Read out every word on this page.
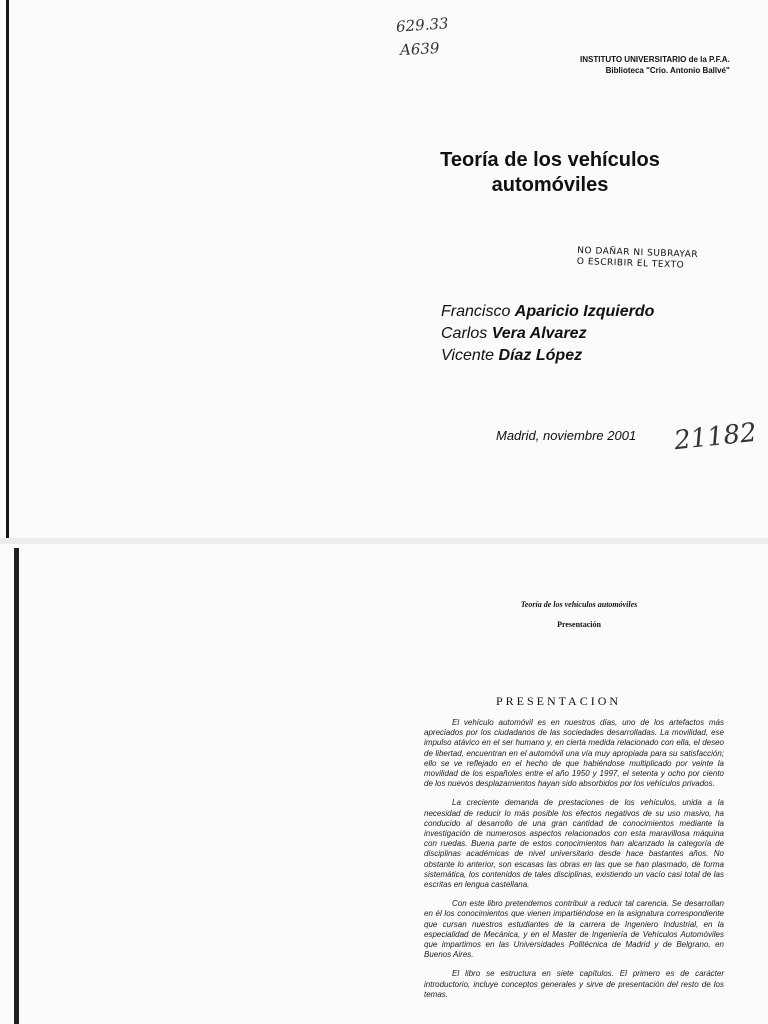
629.33
A639
INSTITUTO UNIVERSITARIO de la P.F.A.
Biblioteca "Crio. Antonio Ballvé"
Teoría de los vehículos
automóviles
NO DAÑAR NI SUBRAYAR
O ESCRIBIR EL TEXTO
Francisco Aparicio Izquierdo
Carlos Vera Alvarez
Vicente Díaz López
Madrid, noviembre 2001 21182
Teoría de los vehículos automóviles
Presentación
PRESENTACION

El vehículo automóvil es en nuestros días, uno de los artefactos más apreciados por los ciudadanos de las sociedades desarrolladas. La movilidad, ese impulso atávico en el ser humano y, en cierta medida relacionado con ella, el deseo de libertad, encuentran en el automóvil una vía muy apropiada para su satisfacción; ello se ve reflejado en el hecho de que habiéndose multiplicado por veinte la movilidad de los españoles entre el año 1950 y 1997, el setenta y ocho por ciento de los nuevos desplazamientos hayan sido absorbidos por los vehículos privados.

La creciente demanda de prestaciones de los vehículos, unida a la necesidad de reducir lo más posible los efectos negativos de su uso masivo, ha conducido al desarrollo de una gran cantidad de conocimientos mediante la investigación de numerosos aspectos relacionados con esta maravillosa máquina con ruedas. Buena parte de estos conocimientos han alcanzado la categoría de disciplinas académicas de nivel universitario desde hace bastantes años. No obstante lo anterior, son escasas las obras en las que se han plasmado, de forma sistemática, los contenidos de tales disciplinas, existiendo un vacío casi total de las escritas en lengua castellana.

Con este libro pretendemos contribuir a reducir tal carencia. Se desarrollan en él los conocimientos que vienen impartiéndose en la asignatura correspondiente que cursan nuestros estudiantes de la carrera de Ingeniero Industrial, en la especialidad de Mecánica, y en el Master de Ingeniería de Vehículos Automóviles que impartimos en las Universidades Politécnica de Madrid y de Belgrano, en Buenos Aires.

El libro se estructura en siete capítulos. El primero es de carácter introductorio, incluye conceptos generales y sirve de presentación del resto de los temas.
